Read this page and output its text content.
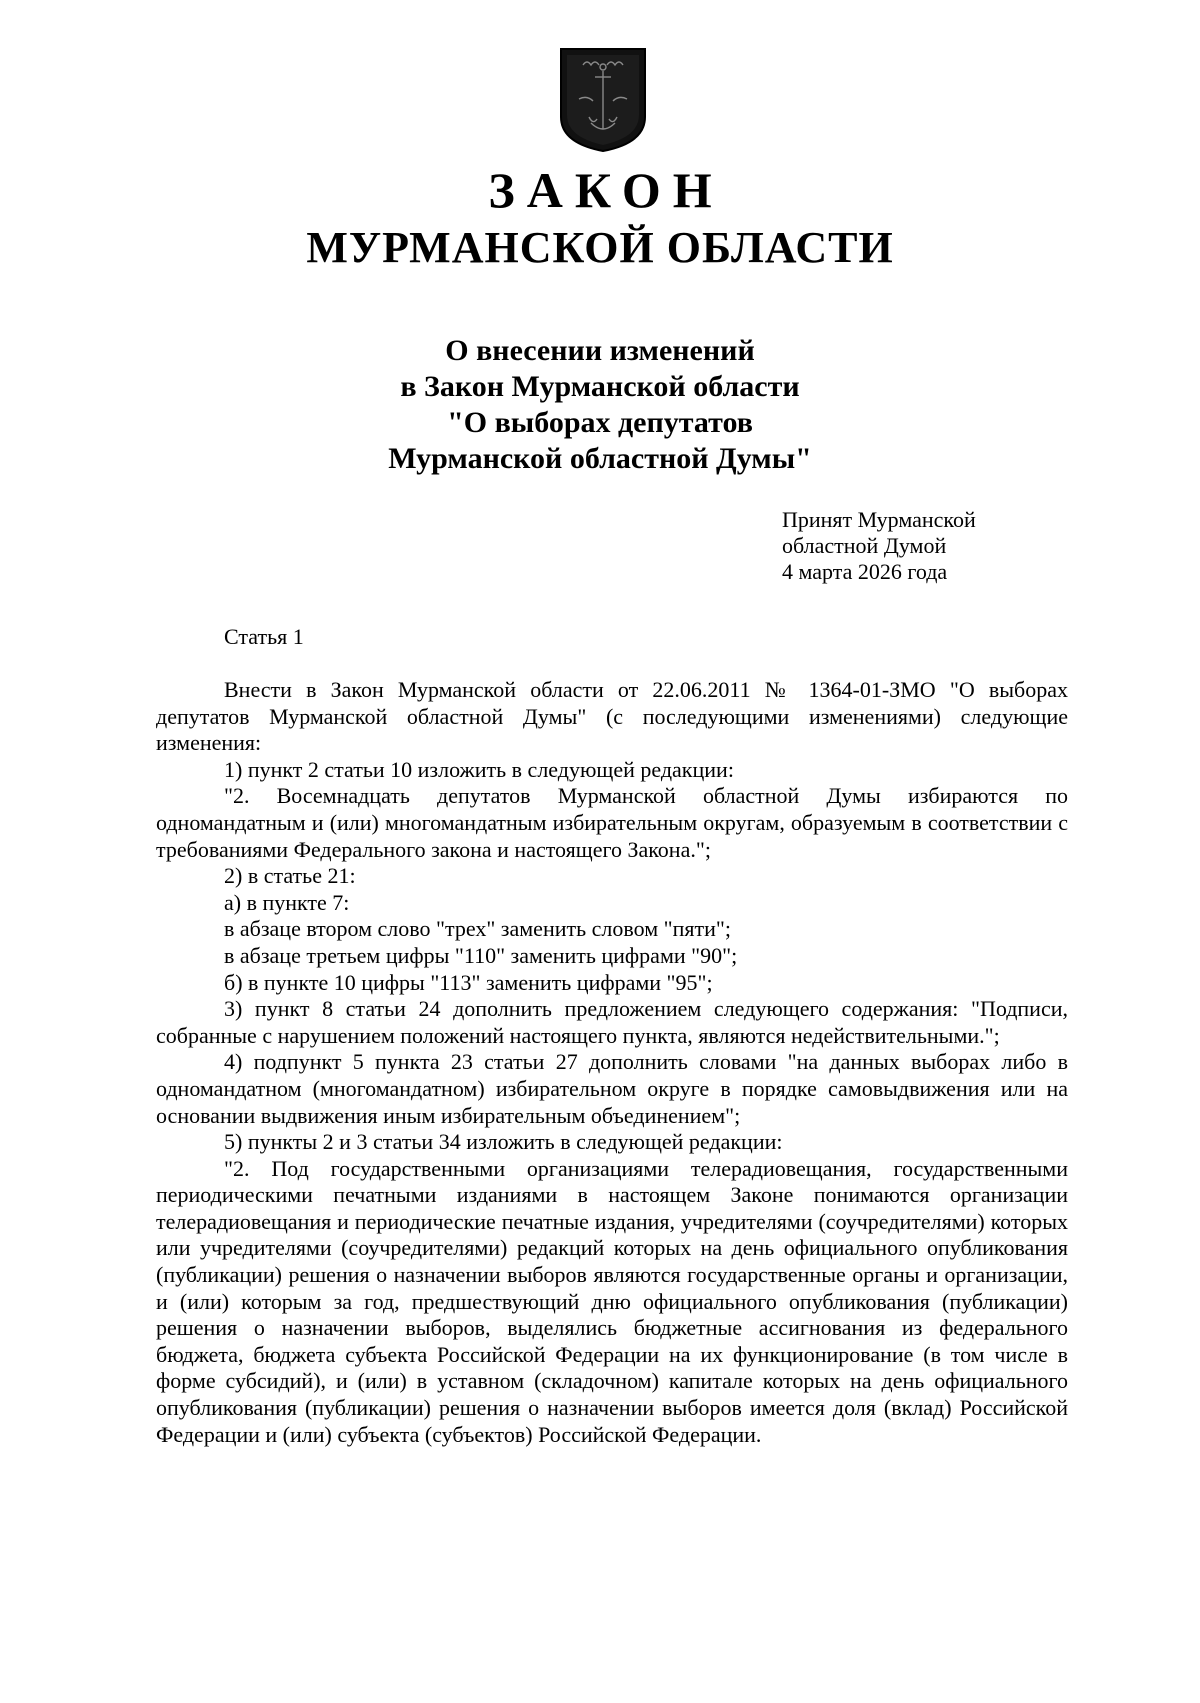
ЗАКОН
МУРМАНСКОЙ ОБЛАСТИ
О внесении изменений
в Закон Мурманской области
"О выборах депутатов
Мурманской областной Думы"
Принят Мурманской
областной Думой
4 марта 2026 года
Статья 1

Внести в Закон Мурманской области от 22.06.2011 № 1364-01-ЗМО "О выборах депутатов Мурманской областной Думы" (с последующими изменениями) следующие изменения:

1) пункт 2 статьи 10 изложить в следующей редакции:

"2. Восемнадцать депутатов Мурманской областной Думы избираются по одномандатным и (или) многомандатным избирательным округам, образуемым в соответствии с требованиями Федерального закона и настоящего Закона.";

2) в статье 21:

а) в пункте 7:

в абзаце втором слово "трех" заменить словом "пяти";

в абзаце третьем цифры "110" заменить цифрами "90";

б) в пункте 10 цифры "113" заменить цифрами "95";

3) пункт 8 статьи 24 дополнить предложением следующего содержания: "Подписи, собранные с нарушением положений настоящего пункта, являются недействительными.";

4) подпункт 5 пункта 23 статьи 27 дополнить словами "на данных выборах либо в одномандатном (многомандатном) избирательном округе в порядке самовыдвижения или на основании выдвижения иным избирательным объединением";

5) пункты 2 и 3 статьи 34 изложить в следующей редакции:

"2. Под государственными организациями телерадиовещания, государственными периодическими печатными изданиями в настоящем Законе понимаются организации телерадиовещания и периодические печатные издания, учредителями (соучредителями) которых или учредителями (соучредителями) редакций которых на день официального опубликования (публикации) решения о назначении выборов являются государственные органы и организации, и (или) которым за год, предшествующий дню официального опубликования (публикации) решения о назначении выборов, выделялись бюджетные ассигнования из федерального бюджета, бюджета субъекта Российской Федерации на их функционирование (в том числе в форме субсидий), и (или) в уставном (складочном) капитале которых на день официального опубликования (публикации) решения о назначении выборов имеется доля (вклад) Российской Федерации и (или) субъекта (субъектов) Российской Федерации.
